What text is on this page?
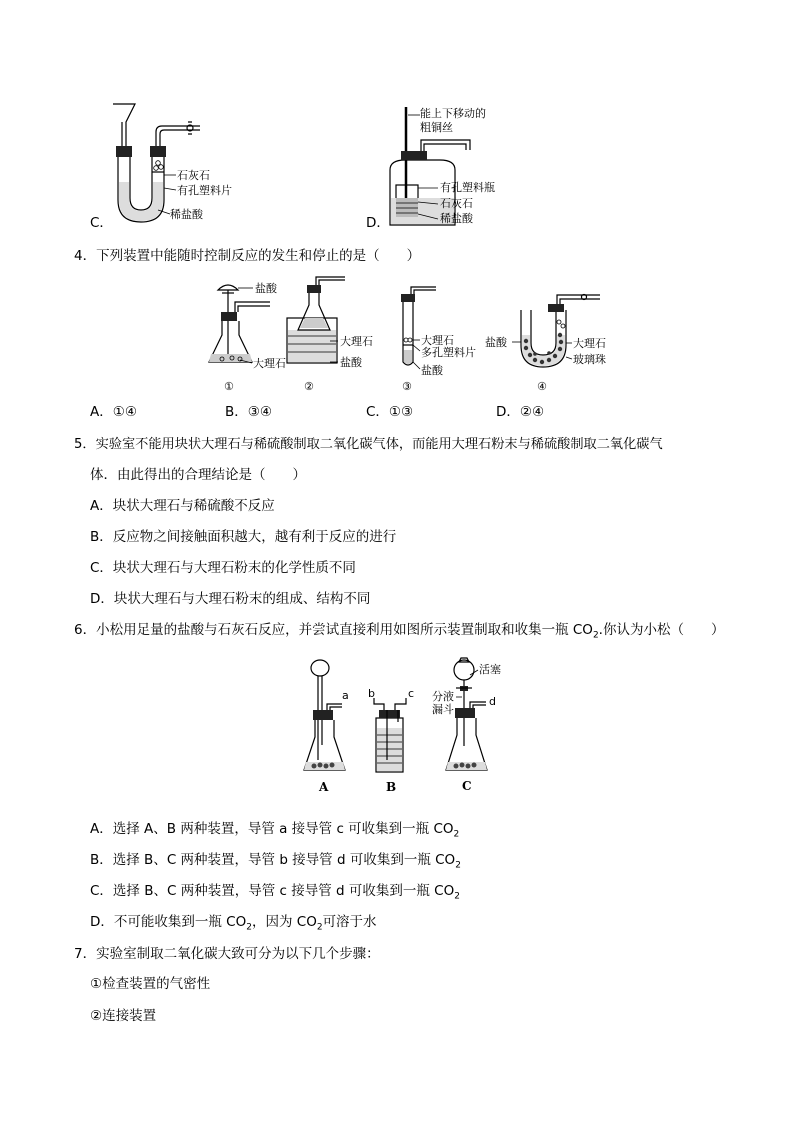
C．
石灰石
有孔塑料片
稀盐酸
D．
能上下移动的
粗铜丝
有孔塑料瓶
石灰石
稀盐酸
4．下列装置中能随时控制反应的发生和停止的是（　　）
盐酸
大理石
大理石
盐酸
大理石
多孔塑料片
盐酸
盐酸	大理石
玻璃珠
①	②	③	④
A．①④	B．③④	C．①③	D．②④
5．实验室不能用块状大理石与稀硫酸制取二氧化碳气体，而能用大理石粉末与稀硫酸制取二氧化碳气
体．由此得出的合理结论是（　　）
A．块状大理石与稀硫酸不反应
B．反应物之间接触面积越大，越有利于反应的进行
C．块状大理石与大理石粉末的化学性质不同
D．块状大理石与大理石粉末的组成、结构不同
6．小松用足量的盐酸与石灰石反应，并尝试直接利用如图所示装置制取和收集一瓶 $CO_2$.你认为小松（　　）
a b	c
d
活塞
分液
漏斗
A	B	C
A．选择 A、B 两种装置，导管 a 接导管 c 可收集到一瓶 $CO_2$
B．选择 B、C 两种装置，导管 b 接导管 d 可收集到一瓶 $CO_2$
C．选择 B、C 两种装置，导管 c 接导管 d 可收集到一瓶 $CO_2$
D．不可能收集到一瓶 $CO_2$，因为 $CO_2$可溶于水
7．实验室制取二氧化碳大致可分为以下几个步骤：
①检查装置的气密性
②连接装置
